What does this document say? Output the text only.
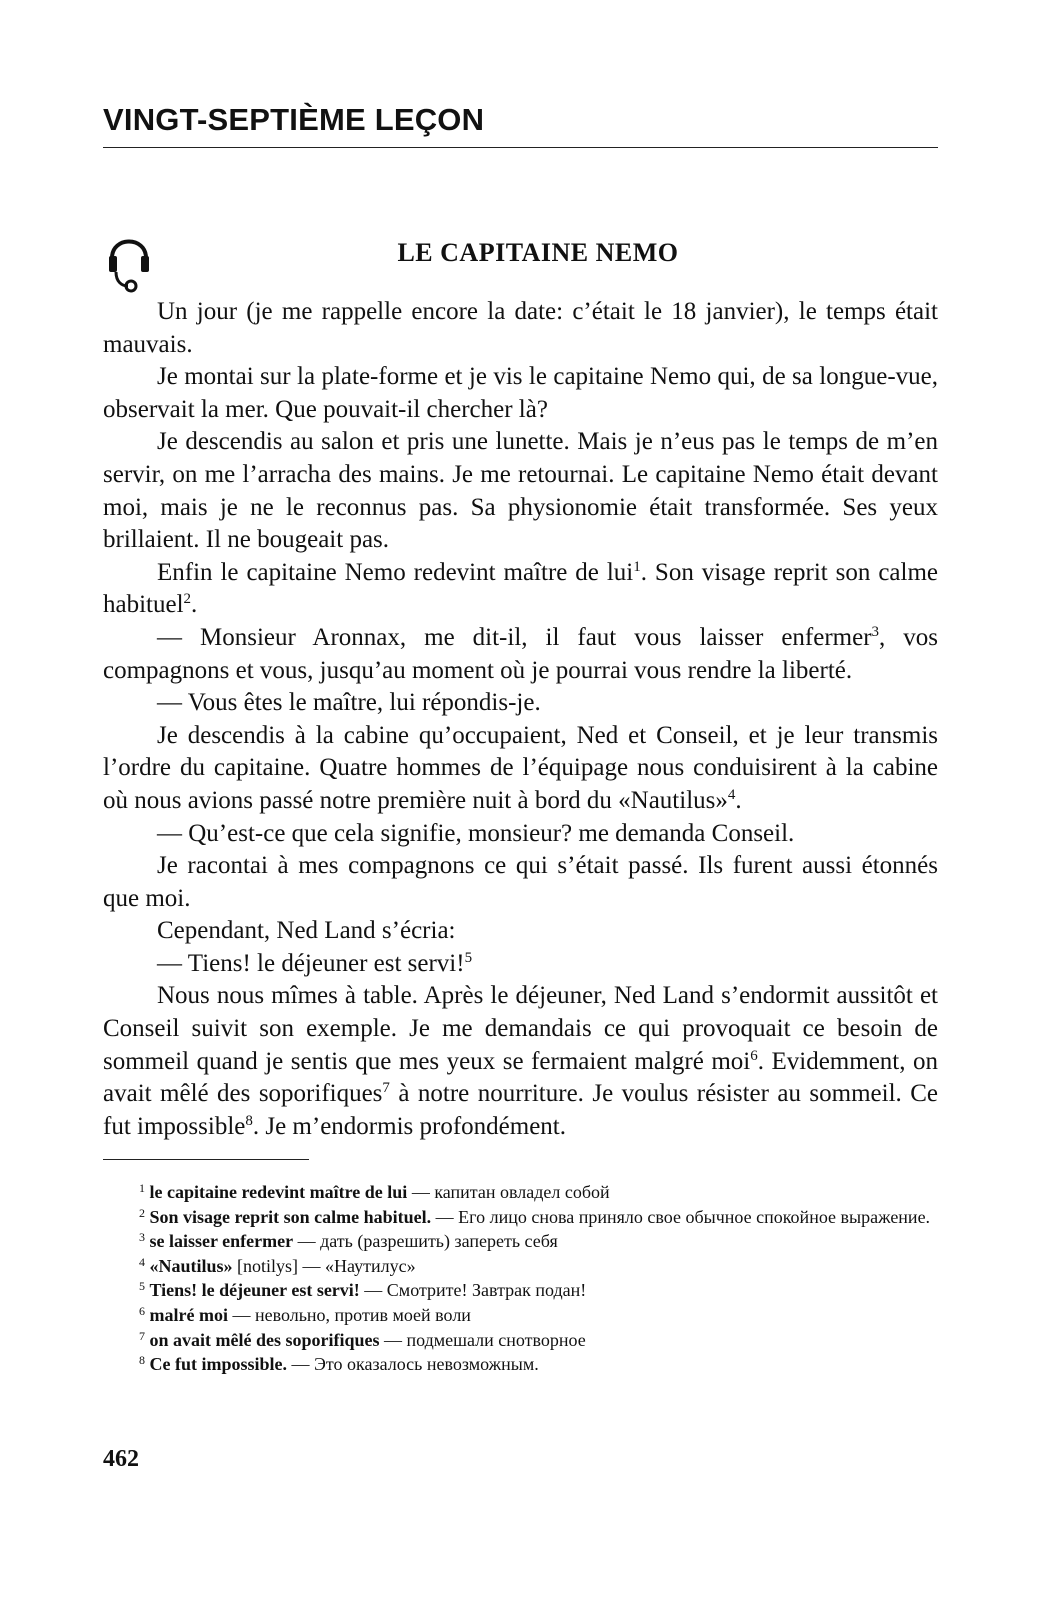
VINGT-SEPTIÈME LEÇON
LE CAPITAINE NEMO

Un jour (je me rappelle encore la date: c’était le 18 janvier), le temps était mauvais.

Je montai sur la plate-forme et je vis le capitaine Nemo qui, de sa longue-vue, observait la mer. Que pouvait-il chercher là?

Je descendis au salon et pris une lunette. Mais je n’eus pas le temps de m’en servir, on me l’arracha des mains. Je me retournai. Le capitaine Nemo était devant moi, mais je ne le reconnus pas. Sa physionomie était transformée. Ses yeux brillaient. Il ne bougeait pas.

Enfin le capitaine Nemo redevint maître de lui$^1$. Son visage reprit son calme habituel$^2$.

— Monsieur Aronnax, me dit-il, il faut vous laisser enfermer$^3$, vos compagnons et vous, jusqu’au moment où je pourrai vous rendre la liberté.

— Vous êtes le maître, lui répondis-je.

Je descendis à la cabine qu’occupaient, Ned et Conseil, et je leur transmis l’ordre du capitaine. Quatre hommes de l’équipage nous conduisirent à la cabine où nous avions passé notre première nuit à bord du «Nautilus»$^4$.

— Qu’est-ce que cela signifie, monsieur? me demanda Conseil.

Je racontai à mes compagnons ce qui s’était passé. Ils furent aussi étonnés que moi.

Cependant, Ned Land s’écria:

— Tiens! le déjeuner est servi!$^5$

Nous nous mîmes à table. Après le déjeuner, Ned Land s’endormit aussitôt et Conseil suivit son exemple. Je me demandais ce qui provoquait ce besoin de sommeil quand je sentis que mes yeux se fermaient malgré moi$^6$. Evidemment, on avait mêlé des soporifiques$^7$ à notre nourriture. Je voulus résister au sommeil. Ce fut impossible$^8$. Je m’endormis profondément.

$^1$ le capitaine redevint maître de lui — капитан овладел собой

$^2$ Son visage reprit son calme habituel. — Его лицо снова приняло свое обычное спокойное выражение.

$^3$ se laisser enfermer — дать (разрешить) запереть себя

$^4$ «Nautilus» [notilys] — «Наутилус»

$^5$ Tiens! le déjeuner est servi! — Смотрите! Завтрак подан!

$^6$ malré moi — невольно, против моей воли

$^7$ on avait mêlé des soporifiques — подмешали снотворное

$^8$ Ce fut impossible. — Это оказалось невозможным.

462
